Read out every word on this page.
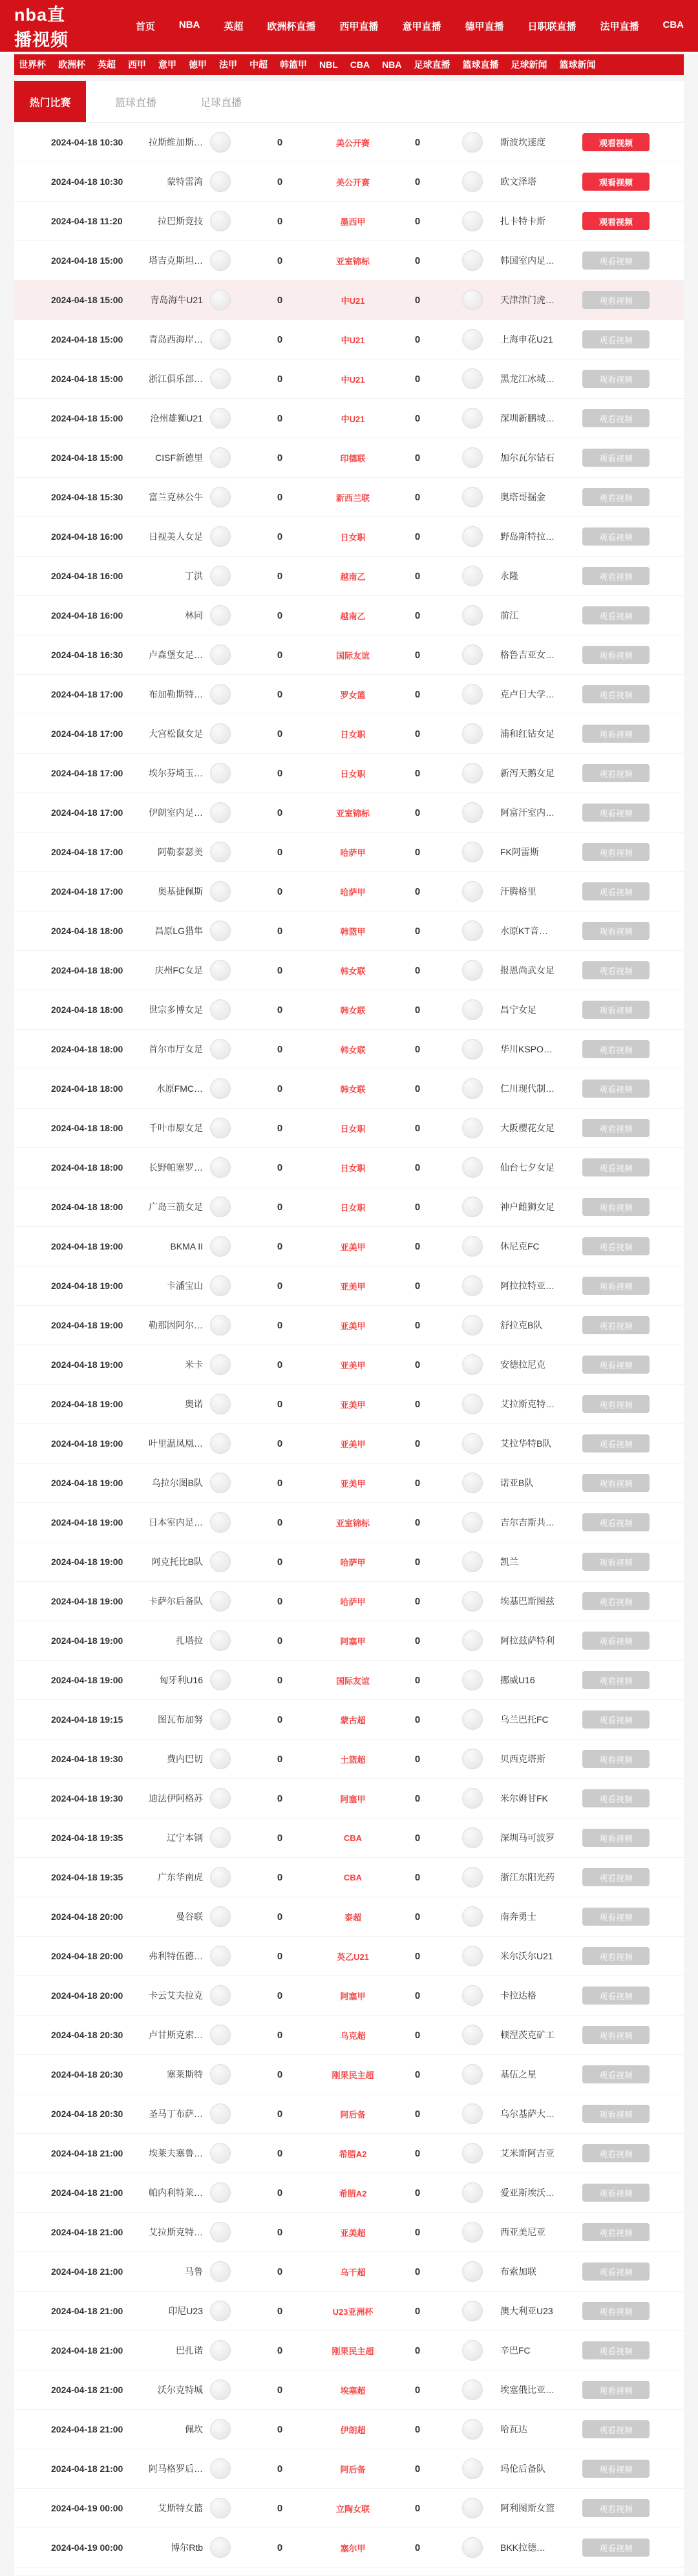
nba直播视频
首页 NBA 英超 欧洲杯直播 西甲直播 意甲直播 德甲直播 日职联直播 法甲直播 CBA
世界杯 欧洲杯 英超 西甲 意甲 德甲 法甲 中超 韩篮甲 NBL CBA NBA 足球直播 篮球直播 足球新闻 篮球新闻
热门比赛	篮球直播	足球直播
2024-04-18 10:30	拉斯维加斯…	0	美公开赛	0	斯波坎速度	观看视频
2024-04-18 10:30	蒙特雷湾	0	美公开赛	0	欧文泽塔	观看视频
2024-04-18 11:20	拉巴斯竞技	0	墨西甲	0	扎卡特卡斯	观看视频
2024-04-18 15:00	塔吉克斯坦…	0	亚室锦标	0	韩国室内足…	观看视频
2024-04-18 15:00	青岛海牛U21	0	中U21	0	天津津门虎…	观看视频
2024-04-18 15:00	青岛西海岸…	0	中U21	0	上海申花U21	观看视频
2024-04-18 15:00	浙江俱乐部…	0	中U21	0	黑龙江冰城…	观看视频
2024-04-18 15:00	沧州雄狮U21	0	中U21	0	深圳新鹏城…	观看视频
2024-04-18 15:00	CISF新德里	0	印德联	0	加尔瓦尔钻石	观看视频
2024-04-18 15:30	富兰克林公牛	0	新西兰联	0	奥塔哥掘金	观看视频
2024-04-18 16:00	日视美人女足	0	日女职	0	野岛斯特拉…	观看视频
2024-04-18 16:00	丁洪	0	越南乙	0	永隆	观看视频
2024-04-18 16:00	林同	0	越南乙	0	前江	观看视频
2024-04-18 16:30	卢森堡女足…	0	国际友谊	0	格鲁吉亚女…	观看视频
2024-04-18 17:00	布加勒斯特…	0	罗女篮	0	克卢日大学…	观看视频
2024-04-18 17:00	大宫松鼠女足	0	日女职	0	浦和红钻女足	观看视频
2024-04-18 17:00	埃尔芬埼玉…	0	日女职	0	新泻天鹅女足	观看视频
2024-04-18 17:00	伊朗室内足…	0	亚室锦标	0	阿富汗室内…	观看视频
2024-04-18 17:00	阿勒泰瑟美	0	哈萨甲	0	FK阿雷斯	观看视频
2024-04-18 17:00	奥基捷佩斯	0	哈萨甲	0	汗腾格里	观看视频
2024-04-18 18:00	昌原LG猎隼	0	韩篮甲	0	水原KT音…	观看视频
2024-04-18 18:00	庆州FC女足	0	韩女联	0	报恩尚武女足	观看视频
2024-04-18 18:00	世宗多博女足	0	韩女联	0	昌宁女足	观看视频
2024-04-18 18:00	首尔市厅女足	0	韩女联	0	华川KSPO…	观看视频
2024-04-18 18:00	水原FMC…	0	韩女联	0	仁川现代制…	观看视频
2024-04-18 18:00	千叶市原女足	0	日女职	0	大阪樱花女足	观看视频
2024-04-18 18:00	长野帕塞罗…	0	日女职	0	仙台七夕女足	观看视频
2024-04-18 18:00	广岛三箭女足	0	日女职	0	神户雌狮女足	观看视频
2024-04-18 19:00	BKMA II	0	亚美甲	0	休尼克FC	观看视频
2024-04-18 19:00	卡潘宝山	0	亚美甲	0	阿拉拉特亚…	观看视频
2024-04-18 19:00	勒那因阿尔…	0	亚美甲	0	舒拉克B队	观看视频
2024-04-18 19:00	米卡	0	亚美甲	0	安德拉尼克	观看视频
2024-04-18 19:00	奥诺	0	亚美甲	0	艾拉斯克特…	观看视频
2024-04-18 19:00	叶里温凤凰…	0	亚美甲	0	艾拉华特B队	观看视频
2024-04-18 19:00	乌拉尔图B队	0	亚美甲	0	诺亚B队	观看视频
2024-04-18 19:00	日本室内足…	0	亚室锦标	0	吉尔吉斯共…	观看视频
2024-04-18 19:00	阿克托比B队	0	哈萨甲	0	凯兰	观看视频
2024-04-18 19:00	卡萨尔后备队	0	哈萨甲	0	埃基巴斯图兹	观看视频
2024-04-18 19:00	扎塔拉	0	阿塞甲	0	阿拉兹萨特利	观看视频
2024-04-18 19:00	匈牙利U16	0	国际友谊	0	挪威U16	观看视频
2024-04-18 19:15	图瓦布加努	0	蒙古超	0	乌兰巴托FC	观看视频
2024-04-18 19:30	费内巴切	0	土篮超	0	贝西克塔斯	观看视频
2024-04-18 19:30	迪法伊阿格苏	0	阿塞甲	0	米尔姆甘FK	观看视频
2024-04-18 19:35	辽宁本钢	0	CBA	0	深圳马可波罗	观看视频
2024-04-18 19:35	广东华南虎	0	CBA	0	浙江东阳光药	观看视频
2024-04-18 20:00	曼谷联	0	泰超	0	南奔勇士	观看视频
2024-04-18 20:00	弗利特伍德…	0	英乙U21	0	米尔沃尔U21	观看视频
2024-04-18 20:00	卡云艾夫拉克	0	阿塞甲	0	卡拉达格	观看视频
2024-04-18 20:30	卢甘斯克索…	0	乌克超	0	顿涅茨克矿工	观看视频
2024-04-18 20:30	塞莱斯特	0	刚果民主超	0	基伍之星	观看视频
2024-04-18 20:30	圣马丁布萨…	0	阿后备	0	乌尔基萨大…	观看视频
2024-04-18 21:00	埃莱夫塞鲁…	0	希腊A2	0	艾米斯阿吉亚	观看视频
2024-04-18 21:00	帕内利特莱…	0	希腊A2	0	爱亚斯埃沃…	观看视频
2024-04-18 21:00	艾拉斯克特…	0	亚美超	0	西亚美尼亚	观看视频
2024-04-18 21:00	马鲁	0	乌干超	0	布索加联	观看视频
2024-04-18 21:00	印尼U23	0	U23亚洲杯	0	澳大利亚U23	观看视频
2024-04-18 21:00	巴扎诺	0	刚果民主超	0	辛巴FC	观看视频
2024-04-18 21:00	沃尔克特城	0	埃塞超	0	埃塞俄比亚…	观看视频
2024-04-18 21:00	佩坎	0	伊朗超	0	哈瓦达	观看视频
2024-04-18 21:00	阿马格罗后…	0	阿后备	0	玛伦后备队	观看视频
2024-04-19 00:00	艾斯特女篮	0	立陶女联	0	阿利图斯女篮	观看视频
2024-04-19 00:00	博尔Rtb	0	塞尔甲	0	BKK拉德…	观看视频
